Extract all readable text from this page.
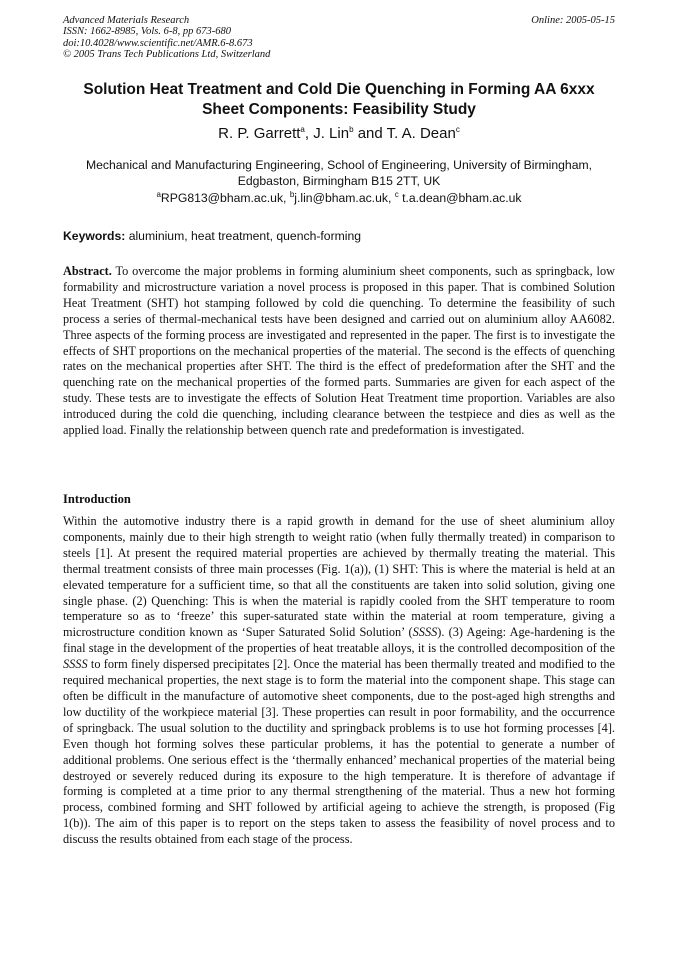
Advanced Materials Research
ISSN: 1662-8985, Vols. 6-8, pp 673-680
doi:10.4028/www.scientific.net/AMR.6-8.673
© 2005 Trans Tech Publications Ltd, Switzerland
Online: 2005-05-15
Solution Heat Treatment and Cold Die Quenching in Forming AA 6xxx
Sheet Components: Feasibility Study
R. P. Garrett$^a$, J. Lin$^b$ and T. A. Dean$^c$
Mechanical and Manufacturing Engineering, School of Engineering, University of Birmingham,
Edgbaston, Birmingham B15 2TT, UK
$^a$RPG813@bham.ac.uk, $^b$j.lin@bham.ac.uk, $^c$ t.a.dean@bham.ac.uk
Keywords: aluminium, heat treatment, quench-forming
Abstract. To overcome the major problems in forming aluminium sheet components, such as springback, low formability and microstructure variation a novel process is proposed in this paper. That is combined Solution Heat Treatment (SHT) hot stamping followed by cold die quenching. To determine the feasibility of such process a series of thermal-mechanical tests have been designed and carried out on aluminium alloy AA6082. Three aspects of the forming process are investigated and represented in the paper. The first is to investigate the effects of SHT proportions on the mechanical properties of the material. The second is the effects of quenching rates on the mechanical properties after SHT. The third is the effect of predeformation after the SHT and the quenching rate on the mechanical properties of the formed parts. Summaries are given for each aspect of the study. These tests are to investigate the effects of Solution Heat Treatment time proportion. Variables are also introduced during the cold die quenching, including clearance between the testpiece and dies as well as the applied load. Finally the relationship between quench rate and predeformation is investigated.
Introduction
Within the automotive industry there is a rapid growth in demand for the use of sheet aluminium alloy components, mainly due to their high strength to weight ratio (when fully thermally treated) in comparison to steels [1]. At present the required material properties are achieved by thermally treating the material. This thermal treatment consists of three main processes (Fig. 1(a)), (1) SHT: This is where the material is held at an elevated temperature for a sufficient time, so that all the constituents are taken into solid solution, giving one single phase. (2) Quenching: This is when the material is rapidly cooled from the SHT temperature to room temperature so as to ‘freeze’ this super-saturated state within the material at room temperature, giving a microstructure condition known as ‘Super Saturated Solid Solution’ (SSSS). (3) Ageing: Age-hardening is the final stage in the development of the properties of heat treatable alloys, it is the controlled decomposition of the SSSS to form finely dispersed precipitates [2]. Once the material has been thermally treated and modified to the required mechanical properties, the next stage is to form the material into the component shape. This stage can often be difficult in the manufacture of automotive sheet components, due to the post-aged high strengths and low ductility of the workpiece material [3]. These properties can result in poor formability, and the occurrence of springback. The usual solution to the ductility and springback problems is to use hot forming processes [4]. Even though hot forming solves these particular problems, it has the potential to generate a number of additional problems. One serious effect is the ‘thermally enhanced’ mechanical properties of the material being destroyed or severely reduced during its exposure to the high temperature. It is therefore of advantage if forming is completed at a time prior to any thermal strengthening of the material. Thus a new hot forming process, combined forming and SHT followed by artificial ageing to achieve the strength, is proposed (Fig 1(b)). The aim of this paper is to report on the steps taken to assess the feasibility of novel process and to discuss the results obtained from each stage of the process.
